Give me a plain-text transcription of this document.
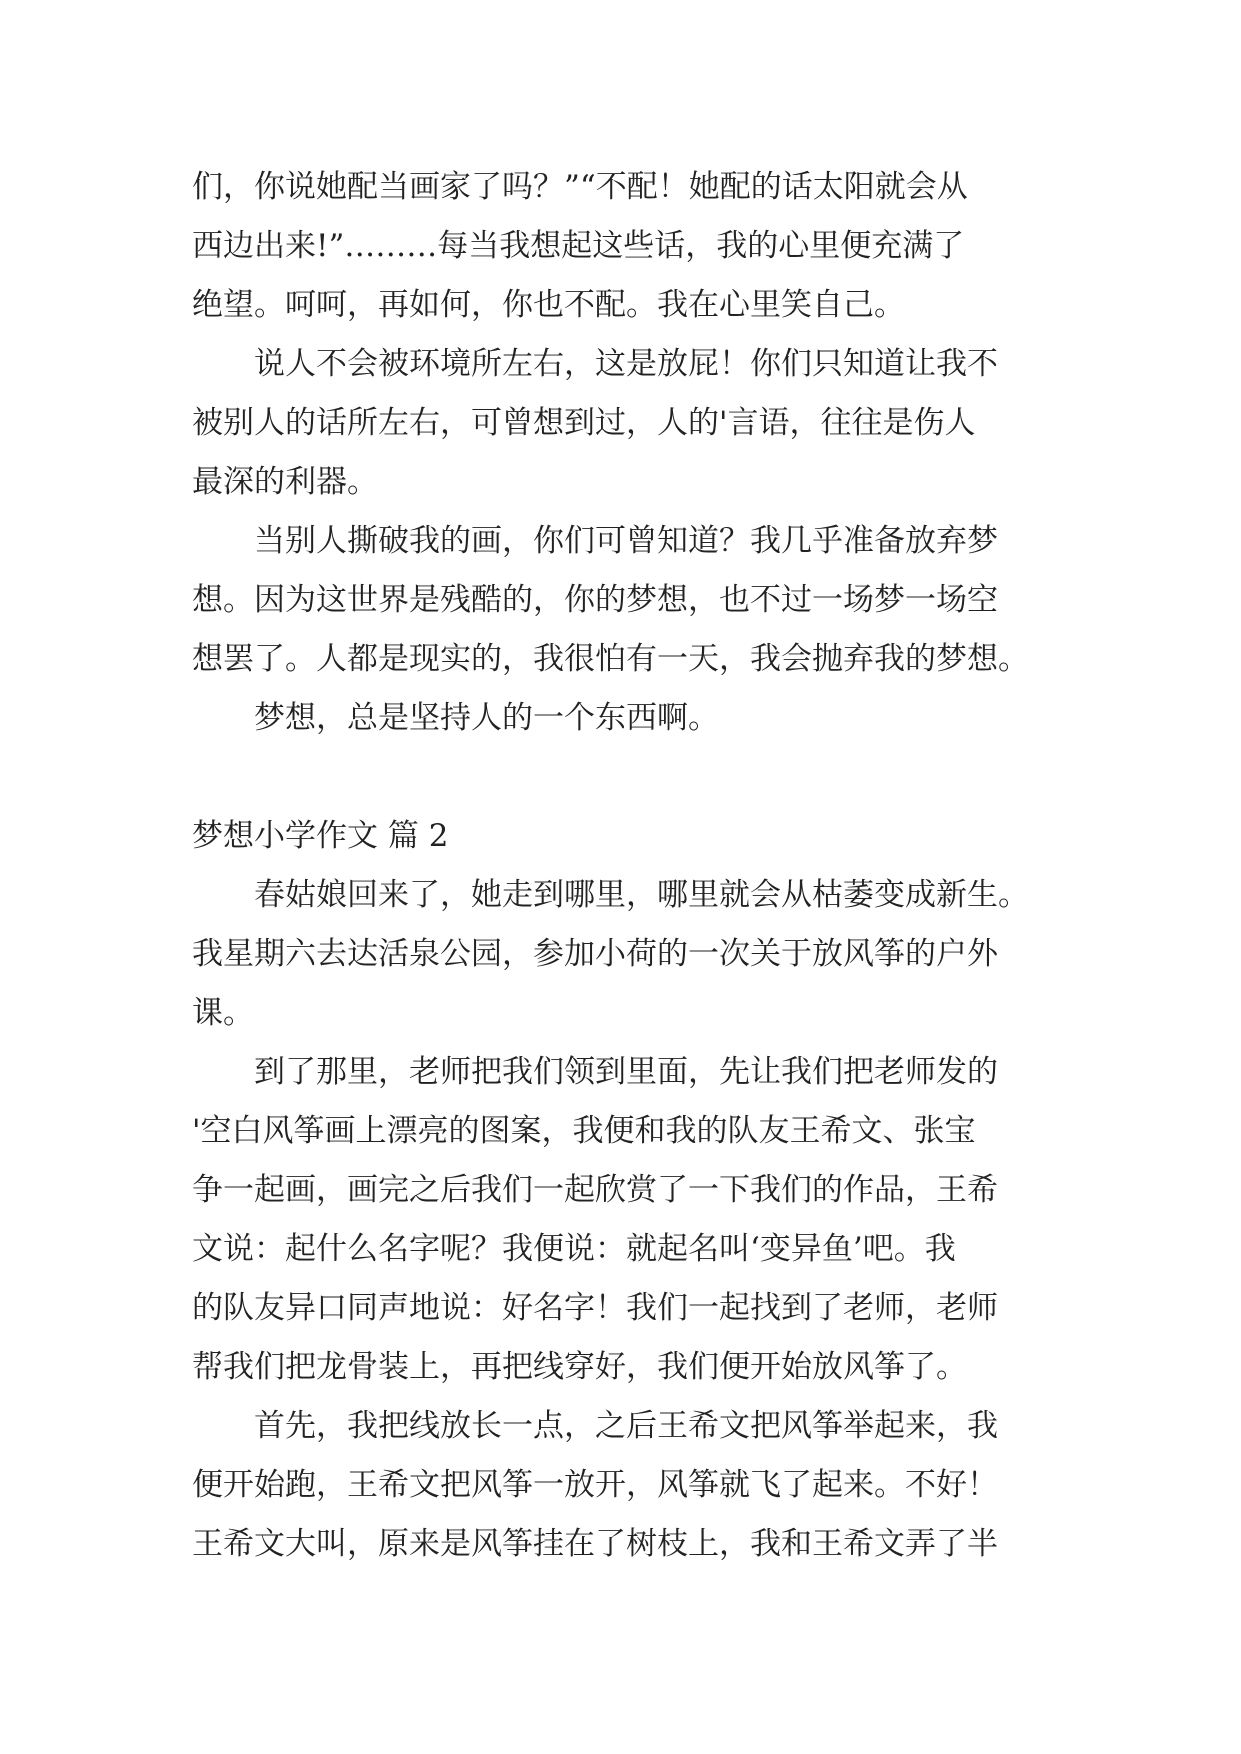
们，你说她配当画家了吗？”“不配！她配的话太阳就会从
西边出来!”………每当我想起这些话，我的心里便充满了
绝望。呵呵，再如何，你也不配。我在心里笑自己。
　　说人不会被环境所左右，这是放屁！你们只知道让我不
被别人的话所左右，可曾想到过，人的'言语，往往是伤人
最深的利器。
　　当别人撕破我的画，你们可曾知道？我几乎准备放弃梦
想。因为这世界是残酷的，你的梦想，也不过一场梦一场空
想罢了。人都是现实的，我很怕有一天，我会抛弃我的梦想。
　　梦想，总是坚持人的一个东西啊。
梦想小学作文 篇 2
　　春姑娘回来了，她走到哪里，哪里就会从枯萎变成新生。
我星期六去达活泉公园，参加小荷的一次关于放风筝的户外
课。
　　到了那里，老师把我们领到里面，先让我们把老师发的
'空白风筝画上漂亮的图案，我便和我的队友王希文、张宝
争一起画，画完之后我们一起欣赏了一下我们的作品，王希
文说：起什么名字呢？我便说：就起名叫‘变异鱼’吧。我
的队友异口同声地说：好名字！我们一起找到了老师，老师
帮我们把龙骨装上，再把线穿好，我们便开始放风筝了。
　　首先，我把线放长一点，之后王希文把风筝举起来，我
便开始跑，王希文把风筝一放开，风筝就飞了起来。不好！
王希文大叫，原来是风筝挂在了树枝上，我和王希文弄了半
